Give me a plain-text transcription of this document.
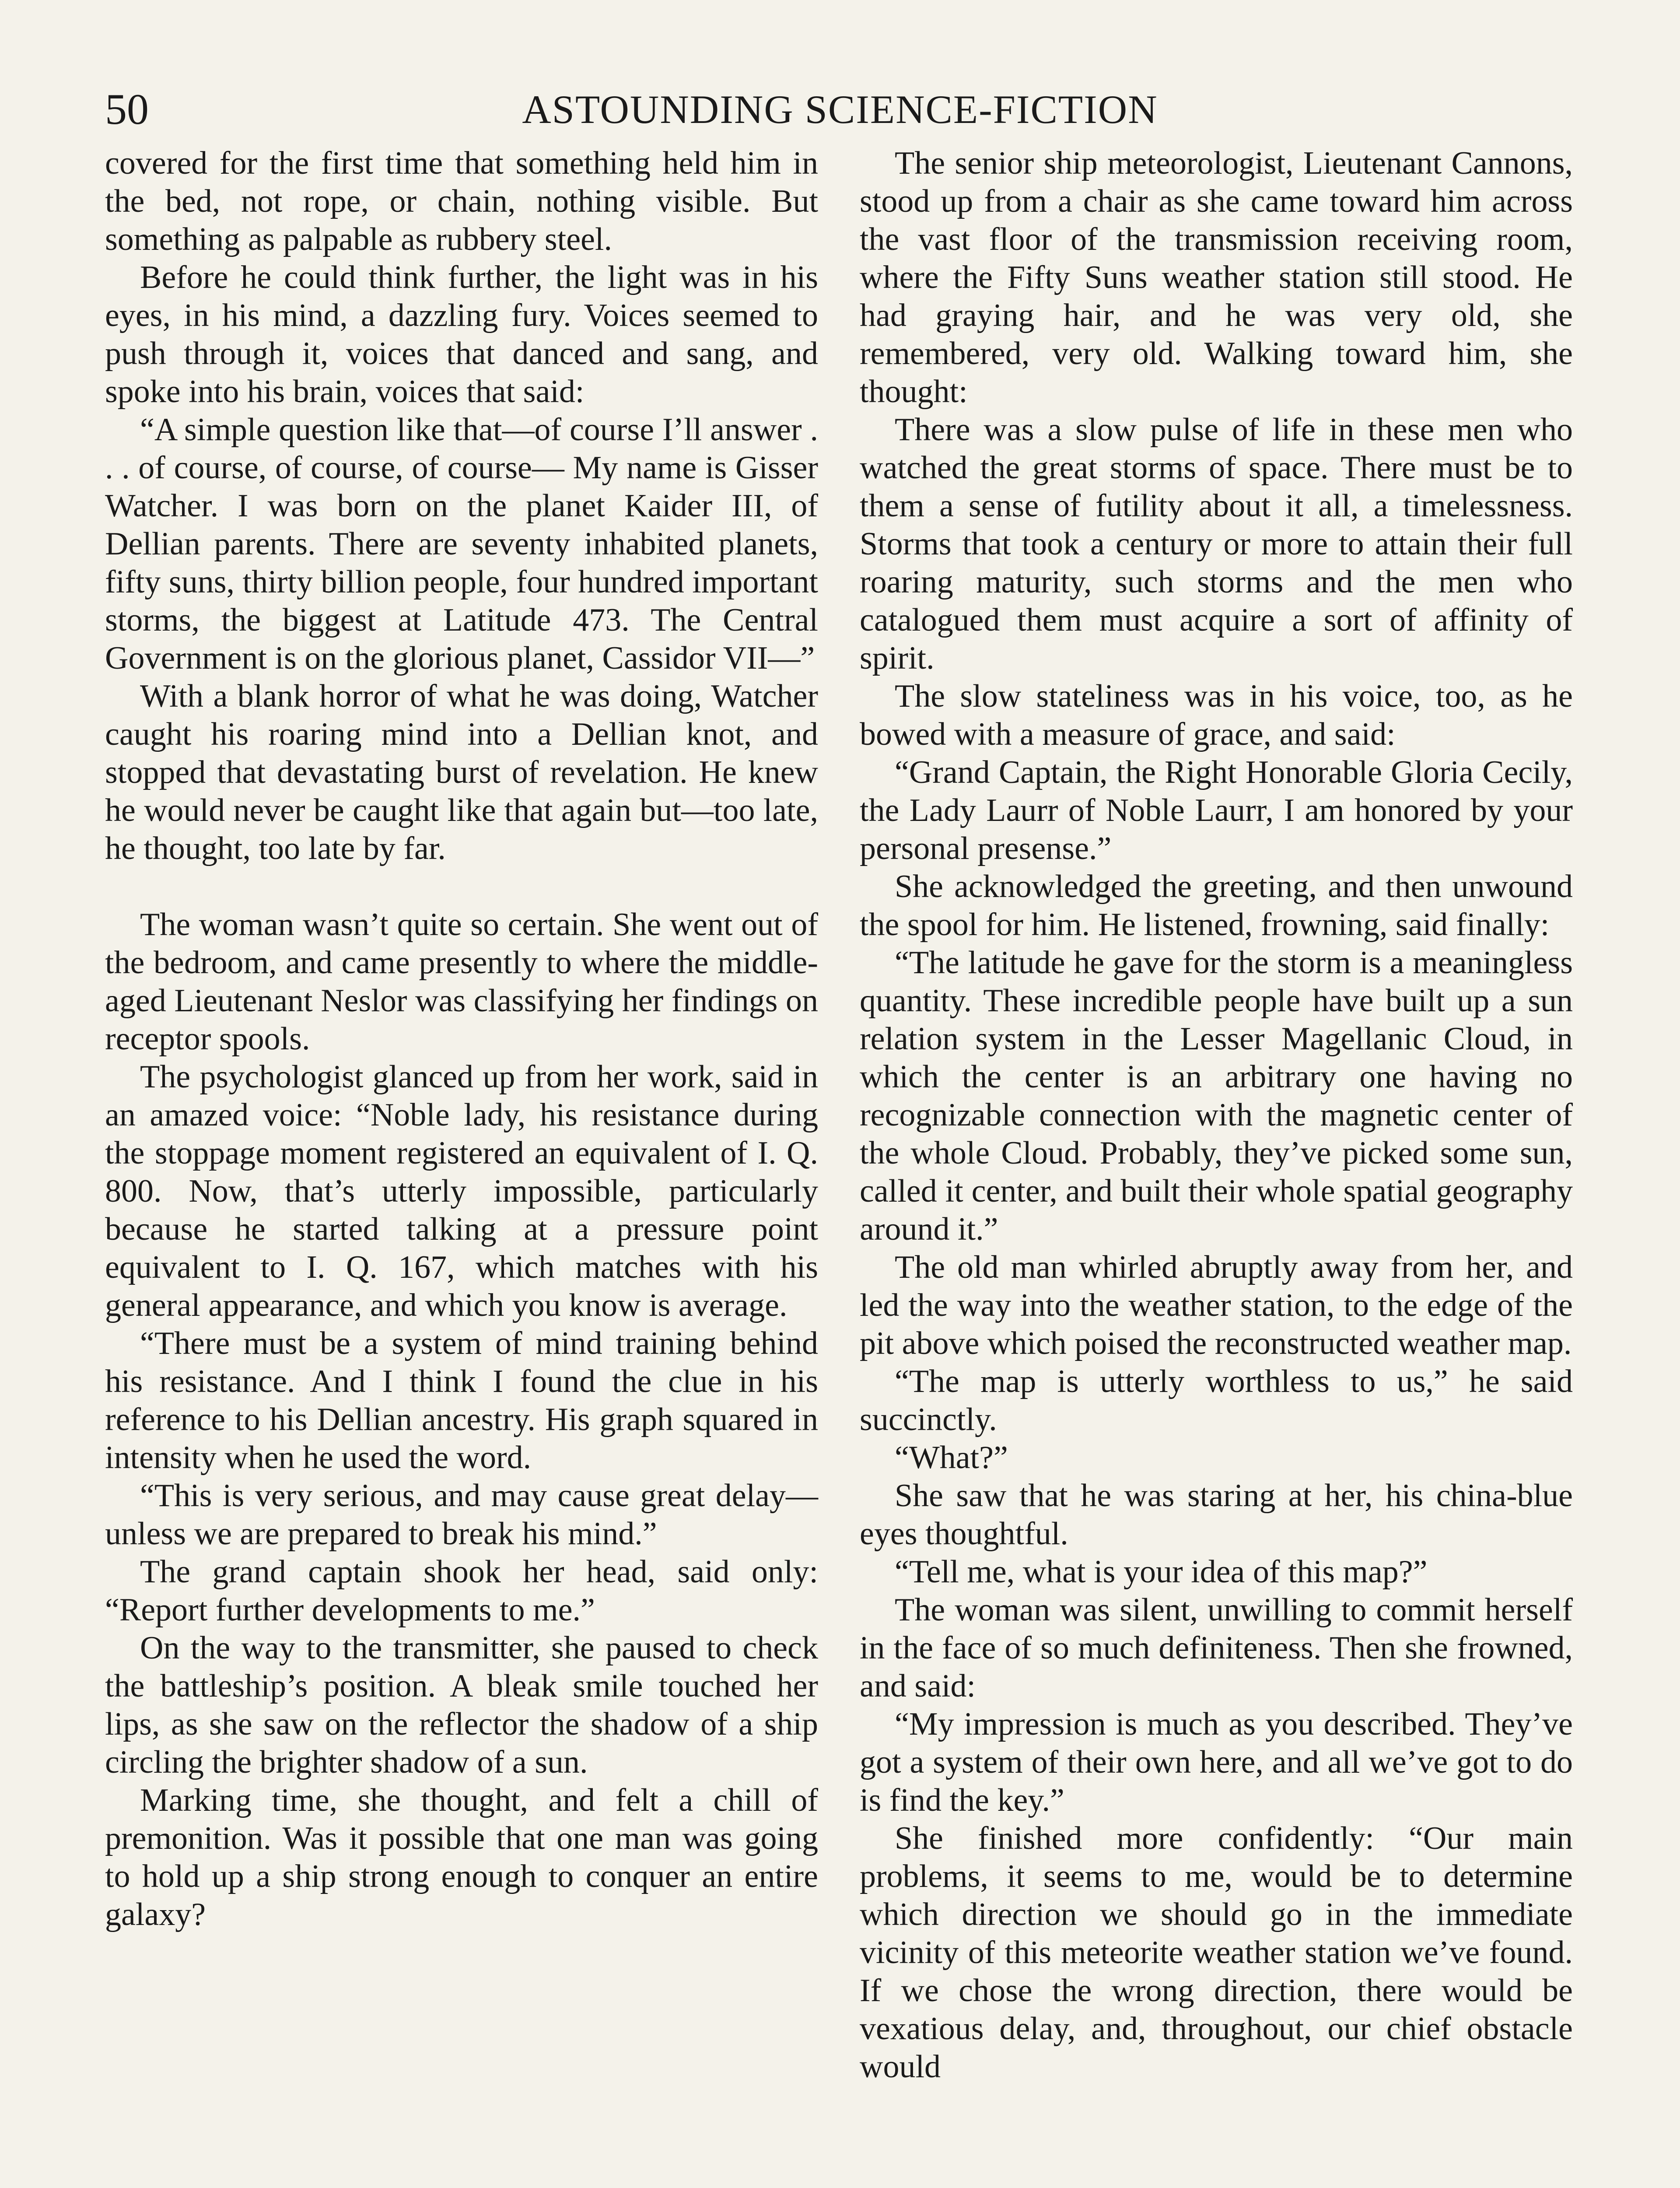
50	ASTOUNDING SCIENCE-FICTION

covered for the first time that something held him in the bed, not rope, or chain, nothing visible. But something as palpable as rubbery steel.

Before he could think further, the light was in his eyes, in his mind, a dazzling fury. Voices seemed to push through it, voices that danced and sang, and spoke into his brain, voices that said:

“A simple question like that—of course I’ll answer . . . of course, of course, of course— My name is Gisser Watcher. I was born on the planet Kaider III, of Dellian parents. There are seventy inhabited planets, fifty suns, thirty billion people, four hundred important storms, the biggest at Latitude 473. The Central Government is on the glorious planet, Cassidor VII—”

With a blank horror of what he was doing, Watcher caught his roaring mind into a Dellian knot, and stopped that devastating burst of revelation. He knew he would never be caught like that again but—too late, he thought, too late by far.

The woman wasn’t quite so certain. She went out of the bedroom, and came presently to where the middle-aged Lieutenant Neslor was classifying her findings on receptor spools.

The psychologist glanced up from her work, said in an amazed voice: “Noble lady, his resistance during the stoppage moment registered an equivalent of I. Q. 800. Now, that’s utterly impossible, particularly because he started talking at a pressure point equivalent to I. Q. 167, which matches with his general appearance, and which you know is average.

“There must be a system of mind training behind his resistance. And I think I found the clue in his reference to his Dellian ancestry. His graph squared in intensity when he used the word.

“This is very serious, and may cause great delay—unless we are prepared to break his mind.”

The grand captain shook her head, said only: “Report further developments to me.”

On the way to the transmitter, she paused to check the battleship’s position. A bleak smile touched her lips, as she saw on the reflector the shadow of a ship circling the brighter shadow of a sun.

Marking time, she thought, and felt a chill of premonition. Was it possible that one man was going to hold up a ship strong enough to conquer an entire galaxy?

The senior ship meteorologist, Lieutenant Cannons, stood up from a chair as she came toward him across the vast floor of the transmission receiving room, where the Fifty Suns weather station still stood. He had graying hair, and he was very old, she remembered, very old. Walking toward him, she thought:

There was a slow pulse of life in these men who watched the great storms of space. There must be to them a sense of futility about it all, a timelessness. Storms that took a century or more to attain their full roaring maturity, such storms and the men who catalogued them must acquire a sort of affinity of spirit.

The slow stateliness was in his voice, too, as he bowed with a measure of grace, and said:

“Grand Captain, the Right Honorable Gloria Cecily, the Lady Laurr of Noble Laurr, I am honored by your personal presense.”

She acknowledged the greeting, and then unwound the spool for him. He listened, frowning, said finally:

“The latitude he gave for the storm is a meaningless quantity. These incredible people have built up a sun relation system in the Lesser Magellanic Cloud, in which the center is an arbitrary one having no recognizable connection with the magnetic center of the whole Cloud. Probably, they’ve picked some sun, called it center, and built their whole spatial geography around it.”

The old man whirled abruptly away from her, and led the way into the weather station, to the edge of the pit above which poised the reconstructed weather map.

“The map is utterly worthless to us,” he said succinctly.

“What?”

She saw that he was staring at her, his china-blue eyes thoughtful.

“Tell me, what is your idea of this map?”

The woman was silent, unwilling to commit herself in the face of so much definiteness. Then she frowned, and said:

“My impression is much as you described. They’ve got a system of their own here, and all we’ve got to do is find the key.”

She finished more confidently: “Our main problems, it seems to me, would be to determine which direction we should go in the immediate vicinity of this meteorite weather station we’ve found. If we chose the wrong direction, there would be vexatious delay, and, throughout, our chief obstacle would
